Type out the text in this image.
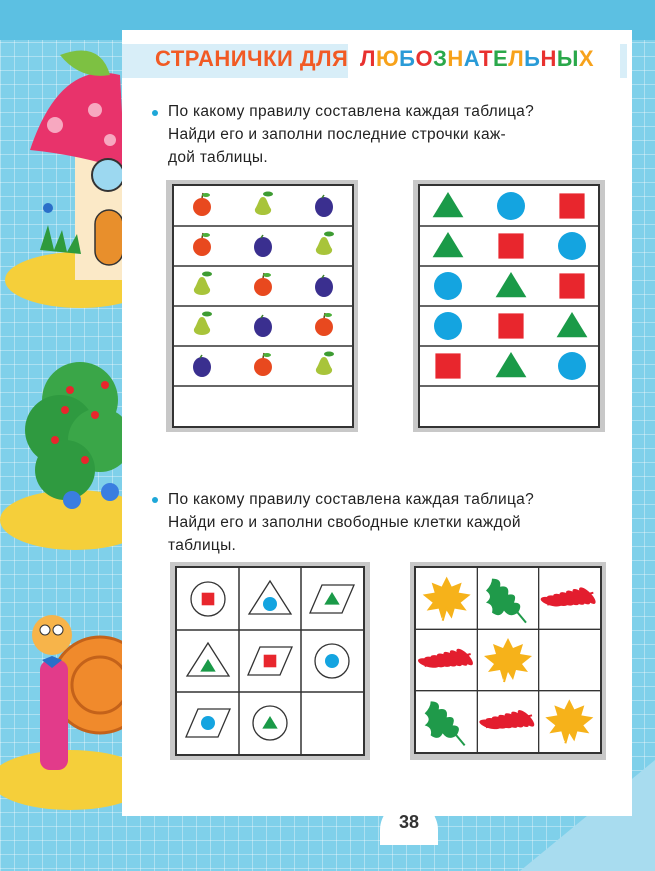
СТРАНИЧКИ ДЛЯ ЛЮБОЗНАТЕЛЬНЫХ
По какому правилу составлена каждая таблица?
Найди его и заполни последние строчки каж-
дой таблицы.
По какому правилу составлена каждая таблица?
Найди его и заполни свободные клетки каждой
таблицы.
38
